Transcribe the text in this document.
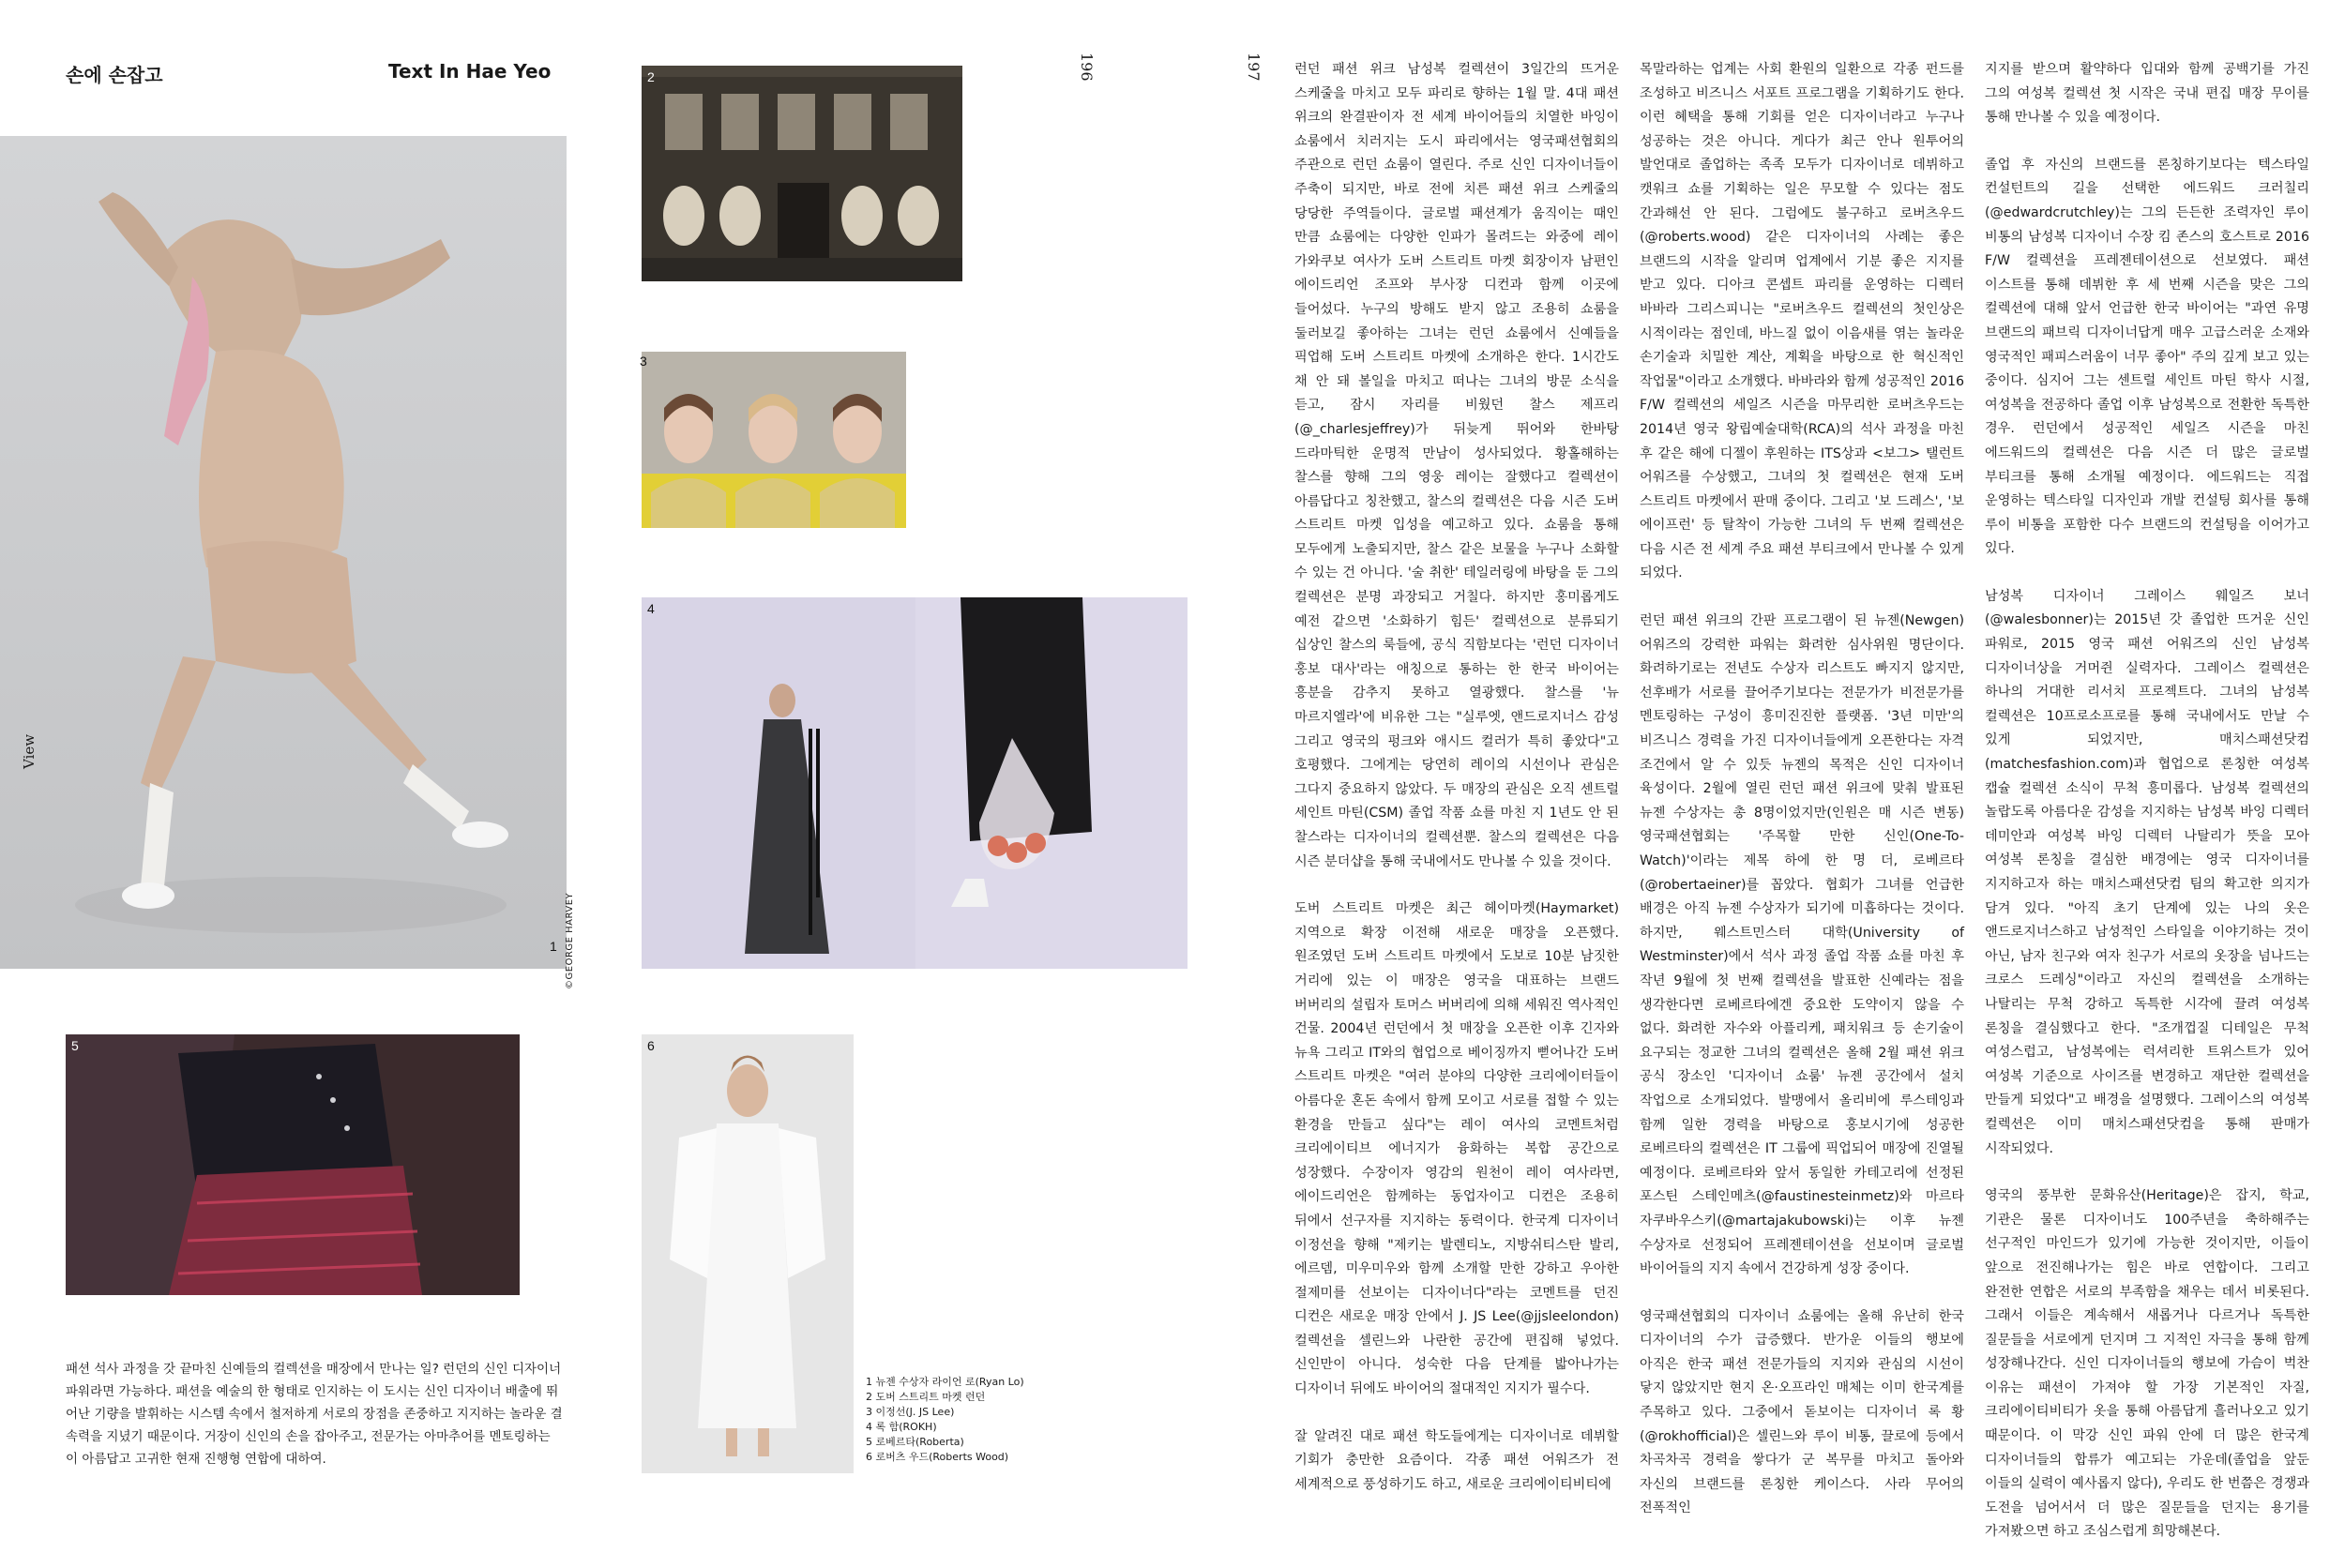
손에 손잡고	Text In Hae Yeo	196	197
1
View
©GEORGE HARVEY
2
3
4
5	6
패션 석사 과정을 갓 끝마친 신예들의 컬렉션을 매장에서 만나는 일? 런던의 신인 디자이너 파워라면 가능하다. 패션을 예술의 한 형태로 인지하는 이 도시는 신인 디자이너 배출에 뛰어난 기량을 발휘하는 시스템 속에서 철저하게 서로의 장점을 존중하고 지지하는 놀라운 결속력을 지녔기 때문이다. 거장이 신인의 손을 잡아주고, 전문가는 아마추어를 멘토링하는 이 아름답고 고귀한 현재 진행형 연합에 대하여.
1 뉴젠 수상자 라이언 로(Ryan Lo)
2 도버 스트리트 마켓 런던
3 이정선(J. JS Lee)
4 록 함(ROKH)
5 로베르타(Roberta)
6 로버츠 우드(Roberts Wood)

런던 패션 위크 남성복 컬렉션이 3일간의 뜨거운 스케줄을 마치고 모두 파리로 향하는 1월 말. 4대 패션 위크의 완결판이자 전 세계 바이어들의 치열한 바잉이 쇼룸에서 치러지는 도시 파리에서는 영국패션협회의 주관으로 런던 쇼룸이 열린다. 주로 신인 디자이너들이 주축이 되지만, 바로 전에 치른 패션 위크 스케줄의 당당한 주역들이다. 글로벌 패션계가 움직이는 때인 만큼 쇼룸에는 다양한 인파가 몰려드는 와중에 레이 가와쿠보 여사가 도버 스트리트 마켓 회장이자 남편인 에이드리언 조프와 부사장 디컨과 함께 이곳에 들어섰다. 누구의 방해도 받지 않고 조용히 쇼룸을 둘러보길 좋아하는 그녀는 런던 쇼룸에서 신예들을 픽업해 도버 스트리트 마켓에 소개하은 한다. 1시간도 채 안 돼 볼일을 마치고 떠나는 그녀의 방문 소식을 듣고, 잠시 자리를 비웠던 찰스 제프리(@_charlesjeffrey)가 뒤늦게 뛰어와 한바탕 드라마틱한 운명적 만남이 성사되었다. 황홀해하는 찰스를 향해 그의 영웅 레이는 잘했다고 컬렉션이 아름답다고 칭찬했고, 찰스의 컬렉션은 다음 시즌 도버 스트리트 마켓 입성을 예고하고 있다. 쇼룸을 통해 모두에게 노출되지만, 찰스 같은 보물을 누구나 소화할 수 있는 건 아니다. '술 취한' 테일러링에 바탕을 둔 그의 컬렉션은 분명 과장되고 거칠다. 하지만 홍미롭게도 예전 같으면 '소화하기 힘든' 컬렉션으로 분류되기 십상인 찰스의 룩들에, 공식 직함보다는 '런던 디자이너 홍보 대사'라는 애칭으로 통하는 한 한국 바이어는 흥분을 감추지 못하고 열광했다. 찰스를 '뉴 마르지엘라'에 비유한 그는 "실루엣, 앤드로지너스 감성 그리고 영국의 펑크와 애시드 컬러가 특히 좋았다"고 호평했다. 그에게는 당연히 레이의 시선이나 관심은 그다지 중요하지 않았다. 두 매장의 관심은 오직 센트럴 세인트 마틴(CSM) 졸업 작품 쇼를 마친 지 1년도 안 된 찰스라는 디자이너의 컬렉션뿐. 찰스의 컬렉션은 다음 시즌 분더샵을 통해 국내에서도 만나볼 수 있을 것이다.

도버 스트리트 마켓은 최근 헤이마켓(Haymarket) 지역으로 확장 이전해 새로운 매장을 오픈했다. 원조였던 도버 스트리트 마켓에서 도보로 10분 남짓한 거리에 있는 이 매장은 영국을 대표하는 브랜드 버버리의 설립자 토머스 버버리에 의해 세워진 역사적인 건물. 2004년 런던에서 첫 매장을 오픈한 이후 긴자와 뉴욕 그리고 IT와의 협업으로 베이징까지 뻗어나간 도버 스트리트 마켓은 "여러 분야의 다양한 크리에이터들이 아름다운 혼돈 속에서 함께 모이고 서로를 접할 수 있는 환경을 만들고 싶다"는 레이 여사의 코멘트처럼 크리에이티브 에너지가 융화하는 복합 공간으로 성장했다. 수장이자 영감의 원천이 레이 여사라면, 에이드리언은 함께하는 동업자이고 디컨은 조용히 뒤에서 선구자를 지지하는 동력이다. 한국계 디자이너 이정선을 향해 "제키는 발렌티노, 지방쉬티스탄 발리, 에르뎀, 미우미우와 함께 소개할 만한 강하고 우아한 절제미를 선보이는 디자이너다"라는 코멘트를 던진 디컨은 새로운 매장 안에서 J. JS Lee(@jjsleelondon) 컬렉션을 셀린느와 나란한 공간에 편집해 넣었다. 신인만이 아니다. 성숙한 다음 단계를 밟아나가는 디자이너 뒤에도 바이어의 절대적인 지지가 필수다.

잘 알려진 대로 패션 학도들에게는 디자이너로 데뷔할 기회가 충만한 요즘이다. 각종 패션 어워즈가 전 세계적으로 풍성하기도 하고, 새로운 크리에이티비티에

목말라하는 업계는 사회 환원의 일환으로 각종 펀드를 조성하고 비즈니스 서포트 프로그램을 기획하기도 한다. 이런 혜택을 통해 기회를 얻은 디자이너라고 누구나 성공하는 것은 아니다. 게다가 최근 안나 원투어의 발언대로 졸업하는 족족 모두가 디자이너로 데뷔하고 캣워크 쇼를 기획하는 일은 무모할 수 있다는 점도 간과해선 안 된다. 그럼에도 불구하고 로버츠우드(@roberts.wood) 같은 디자이너의 사례는 좋은 브랜드의 시작을 알리며 업계에서 기분 좋은 지지를 받고 있다. 디아크 콘셉트 파리를 운영하는 디렉터 바바라 그리스피니는 "로버츠우드 컬렉션의 첫인상은 시적이라는 점인데, 바느질 없이 이음새를 엮는 놀라운 손기술과 치밀한 계산, 계획을 바탕으로 한 혁신적인 작업물"이라고 소개했다. 바바라와 함께 성공적인 2016 F/W 컬렉션의 세일즈 시즌을 마무리한 로버츠우드는 2014년 영국 왕립예술대학(RCA)의 석사 과정을 마친 후 같은 해에 디젤이 후원하는 ITS상과 <보그> 탤런트 어워즈를 수상했고, 그녀의 첫 컬렉션은 현재 도버 스트리트 마켓에서 판매 중이다. 그리고 '보 드레스', '보 에이프런' 등 탈착이 가능한 그녀의 두 번째 컬렉션은 다음 시즌 전 세계 주요 패션 부티크에서 만나볼 수 있게 되었다.

런던 패션 위크의 간판 프로그램이 된 뉴젠(Newgen) 어워즈의 강력한 파워는 화려한 심사위원 명단이다. 화려하기로는 전년도 수상자 리스트도 빠지지 않지만, 선후배가 서로를 끌어주기보다는 전문가가 비전문가를 멘토링하는 구성이 흥미진진한 플랫폼. '3년 미만'의 비즈니스 경력을 가진 디자이너들에게 오픈한다는 자격 조건에서 알 수 있듯 뉴젠의 목적은 신인 디자이너 육성이다. 2월에 열린 런던 패션 위크에 맞춰 발표된 뉴젠 수상자는 총 8명이었지만(인원은 매 시즌 변동) 영국패션협회는 '주목할 만한 신인(One-To-Watch)'이라는 제목 하에 한 명 더, 로베르타(@robertaeiner)를 꼽았다. 협회가 그녀를 언급한 배경은 아직 뉴젠 수상자가 되기에 미흡하다는 것이다. 하지만, 웨스트민스터 대학(University of Westminster)에서 석사 과정 졸업 작품 쇼를 마친 후 작년 9월에 첫 번째 컬렉션을 발표한 신예라는 점을 생각한다면 로베르타에겐 중요한 도약이지 않을 수 없다. 화려한 자수와 아플리케, 패치워크 등 손기술이 요구되는 정교한 그녀의 컬렉션은 올해 2월 패션 위크 공식 장소인 '디자이너 쇼룸' 뉴젠 공간에서 설치 작업으로 소개되었다. 발맹에서 올리비에 루스테잉과 함께 일한 경력을 바탕으로 홍보시기에 성공한 로베르타의 컬렉션은 IT 그룹에 픽업되어 매장에 진열될 예정이다. 로베르타와 앞서 동일한 카테고리에 선정된 포스틴 스테인메츠(@faustinesteinmetz)와 마르타 자쿠바우스키(@martajakubowski)는 이후 뉴젠 수상자로 선정되어 프레젠테이션을 선보이며 글로벌 바이어들의 지지 속에서 건강하게 성장 중이다.

영국패션협회의 디자이너 쇼룸에는 올해 유난히 한국 디자이너의 수가 급증했다. 반가운 이들의 행보에 아직은 한국 패션 전문가들의 지지와 관심의 시선이 닿지 않았지만 현지 온·오프라인 매체는 이미 한국계를 주목하고 있다. 그중에서 돋보이는 디자이너 록 황(@rokhofficial)은 셀린느와 루이 비통, 끌로에 등에서 차곡차곡 경력을 쌓다가 군 복무를 마치고 돌아와 자신의 브랜드를 론칭한 케이스다. 사라 무어의 전폭적인

지지를 받으며 활약하다 입대와 함께 공백기를 가진 그의 여성복 컬렉션 첫 시작은 국내 편집 매장 무이를 통해 만나볼 수 있을 예정이다.

졸업 후 자신의 브랜드를 론칭하기보다는 텍스타일 컨설턴트의 길을 선택한 에드워드 크러칠리(@edwardcrutchley)는 그의 든든한 조력자인 루이 비통의 남성복 디자이너 수장 킴 존스의 호스트로 2016 F/W 컬렉션을 프레젠테이션으로 선보였다. 패션 이스트를 통해 데뷔한 후 세 번째 시즌을 맞은 그의 컬렉션에 대해 앞서 언급한 한국 바이어는 "과연 유명 브랜드의 패브릭 디자이너답게 매우 고급스러운 소재와 영국적인 패피스러움이 너무 좋아" 주의 깊게 보고 있는 중이다. 심지어 그는 센트럴 세인트 마틴 학사 시절, 여성복을 전공하다 졸업 이후 남성복으로 전환한 독특한 경우. 런던에서 성공적인 세일즈 시즌을 마친 에드워드의 컬렉션은 다음 시즌 더 많은 글로벌 부티크를 통해 소개될 예정이다. 에드워드는 직접 운영하는 텍스타일 디자인과 개발 컨설팅 회사를 통해 루이 비통을 포함한 다수 브랜드의 컨설팅을 이어가고 있다.

남성복 디자이너 그레이스 웨일즈 보너(@walesbonner)는 2015년 갓 졸업한 뜨거운 신인 파워로, 2015 영국 패션 어워즈의 신인 남성복 디자이너상을 거머쥔 실력자다. 그레이스 컬렉션은 하나의 거대한 리서치 프로젝트다. 그녀의 남성복 컬렉션은 10프로소프로를 통해 국내에서도 만날 수 있게 되었지만, 매치스패션닷컴(matchesfashion.com)과 협업으로 론칭한 여성복 캡슐 컬렉션 소식이 무척 흥미롭다. 남성복 컬렉션의 놀랍도록 아름다운 감성을 지지하는 남성복 바잉 디렉터 데미안과 여성복 바잉 디렉터 나탈리가 뜻을 모아 여성복 론칭을 결심한 배경에는 영국 디자이너를 지지하고자 하는 매치스패션닷컴 팀의 확고한 의지가 담겨 있다. "아직 초기 단계에 있는 나의 옷은 앤드로지너스하고 남성적인 스타일을 이야기하는 것이 아닌, 남자 친구와 여자 친구가 서로의 옷장을 넘나드는 크로스 드레싱"이라고 자신의 컬렉션을 소개하는 나탈리는 무척 강하고 독특한 시각에 끌려 여성복 론칭을 결심했다고 한다. "조개껍질 디테일은 무척 여성스럽고, 남성복에는 럭셔리한 트위스트가 있어 여성복 기준으로 사이즈를 변경하고 재단한 컬렉션을 만들게 되었다"고 배경을 설명했다. 그레이스의 여성복 컬렉션은 이미 매치스패션닷컴을 통해 판매가 시작되었다.

영국의 풍부한 문화유산(Heritage)은 잡지, 학교, 기관은 물론 디자이너도 100주년을 축하해주는 선구적인 마인드가 있기에 가능한 것이지만, 이들이 앞으로 전진해나가는 힘은 바로 연합이다. 그리고 완전한 연합은 서로의 부족함을 채우는 데서 비롯된다. 그래서 이들은 계속해서 새롭거나 다르거나 독특한 질문들을 서로에게 던지며 그 지적인 자극을 통해 함께 성장해나간다. 신인 디자이너들의 행보에 가슴이 벅찬 이유는 패션이 가져야 할 가장 기본적인 자질, 크리에이티비티가 옷을 통해 아름답게 흘러나오고 있기 때문이다. 이 막강 신인 파워 안에 더 많은 한국계 디자이너들의 합류가 예고되는 가운데(졸업을 앞둔 이들의 실력이 예사롭지 않다), 우리도 한 번쯤은 경쟁과 도전을 넘어서서 더 많은 질문들을 던지는 용기를 가져봤으면 하고 조심스럽게 희망해본다.
